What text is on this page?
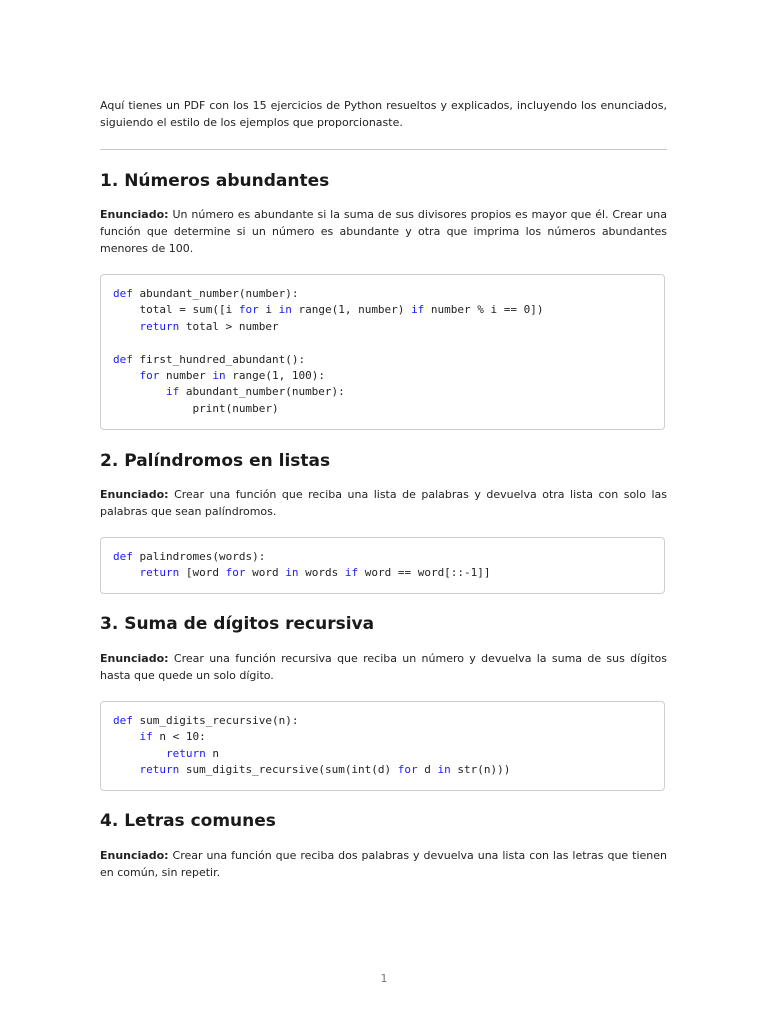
Aquí tienes un PDF con los 15 ejercicios de Python resueltos y explicados, incluyendo los enunciados, siguiendo el estilo de los ejemplos que proporcionaste.

1. Números abundantes

Enunciado: Un número es abundante si la suma de sus divisores propios es mayor que él. Crear una función que determine si un número es abundante y otra que imprima los números abundantes menores de 100.

def abundant_number(number):
total = sum([i for i in range(1, number) if number % i == 0])
return total > number

def first_hundred_abundant():
for number in range(1, 100):
if abundant_number(number):
print(number)
2. Palíndromos en listas

Enunciado: Crear una función que reciba una lista de palabras y devuelva otra lista con solo las palabras que sean palíndromos.

def palindromes(words):
return [word for word in words if word == word[::-1]]
3. Suma de dígitos recursiva

Enunciado: Crear una función recursiva que reciba un número y devuelva la suma de sus dígitos hasta que quede un solo dígito.

def sum_digits_recursive(n):
if n < 10:
return n
return sum_digits_recursive(sum(int(d) for d in str(n)))
4. Letras comunes

Enunciado: Crear una función que reciba dos palabras y devuelva una lista con las letras que tienen en común, sin repetir.

1
